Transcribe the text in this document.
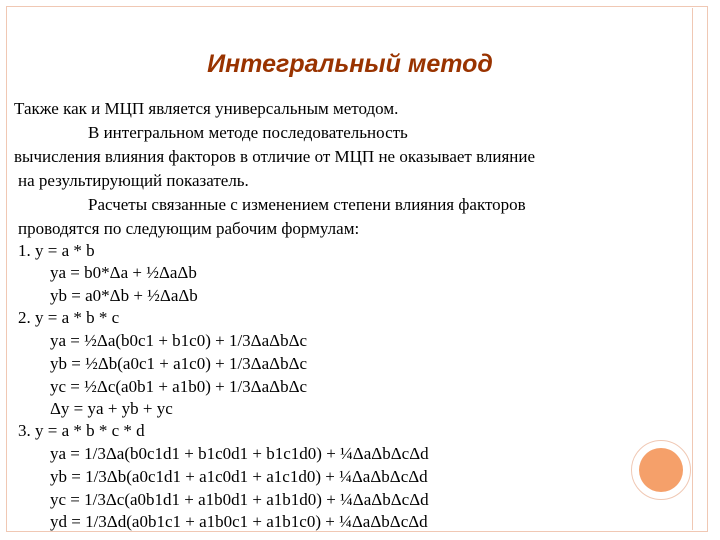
Интегральный метод
Также как и МЦП является универсальным методом.
В интегральном методе последовательность
вычисления влияния факторов в отличие от МЦП не оказывает влияние
на результирующий показатель.
Расчеты связанные с изменением степени влияния факторов
проводятся по следующим рабочим формулам:
1. y = a * b
ya = b0*Δa + ½ΔaΔb
yb = a0*Δb + ½ΔaΔb
2. y = a * b * c
ya = ½Δa(b0c1 + b1c0) + 1/3ΔaΔbΔc
yb = ½Δb(a0c1 + a1c0) + 1/3ΔaΔbΔc
yc = ½Δc(a0b1 + a1b0) + 1/3ΔaΔbΔc
Δy = ya + yb + yc
3. y = a * b * c * d
ya = 1/3Δa(b0c1d1 + b1c0d1 + b1c1d0) + ¼ΔaΔbΔcΔd
yb = 1/3Δb(a0c1d1 + a1c0d1 + a1c1d0) + ¼ΔaΔbΔcΔd
yc = 1/3Δc(a0b1d1 + a1b0d1 + a1b1d0) + ¼ΔaΔbΔcΔd
yd = 1/3Δd(a0b1c1 + a1b0c1 + a1b1c0) + ¼ΔaΔbΔcΔd
